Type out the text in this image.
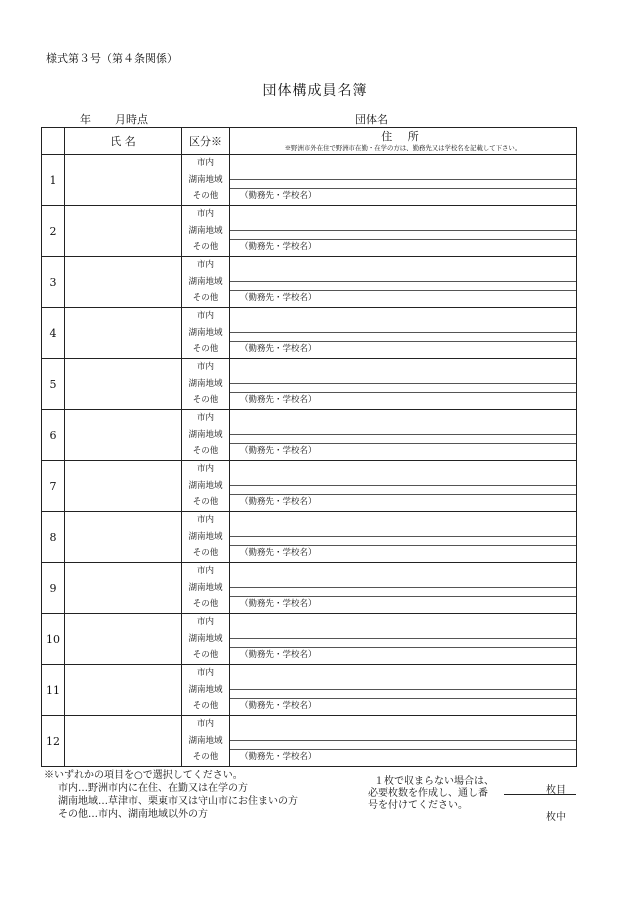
様式第３号（第４条関係）
団体構成員名簿
年 月時点	団体名
	氏 名	区分※	住 所
※野洲市外在住で野洲市在勤・在学の方は、勤務先又は学校名を記載して下さい。

1		市内
湖南地域
その他	（勤務先・学校名）

2		市内
湖南地域
その他	（勤務先・学校名）

3		市内
湖南地域
その他	（勤務先・学校名）

4		市内
湖南地域
その他	（勤務先・学校名）

5		市内
湖南地域
その他	（勤務先・学校名）

6		市内
湖南地域
その他	（勤務先・学校名）

7		市内
湖南地域
その他	（勤務先・学校名）

8		市内
湖南地域
その他	（勤務先・学校名）

9		市内
湖南地域
その他	（勤務先・学校名）

10		市内
湖南地域
その他	（勤務先・学校名）

11		市内
湖南地域
その他	（勤務先・学校名）

12		市内
湖南地域
その他	（勤務先・学校名）
※いずれかの項目を○で選択してください。
市内…野洲市内に在住、在勤又は在学の方
湖南地域…草津市、栗東市又は守山市にお住まいの方
その他…市内、湖南地域以外の方
１枚で収まらない場合は、
必要枚数を作成し、通し番
号を付けてください。
枚目
枚中
